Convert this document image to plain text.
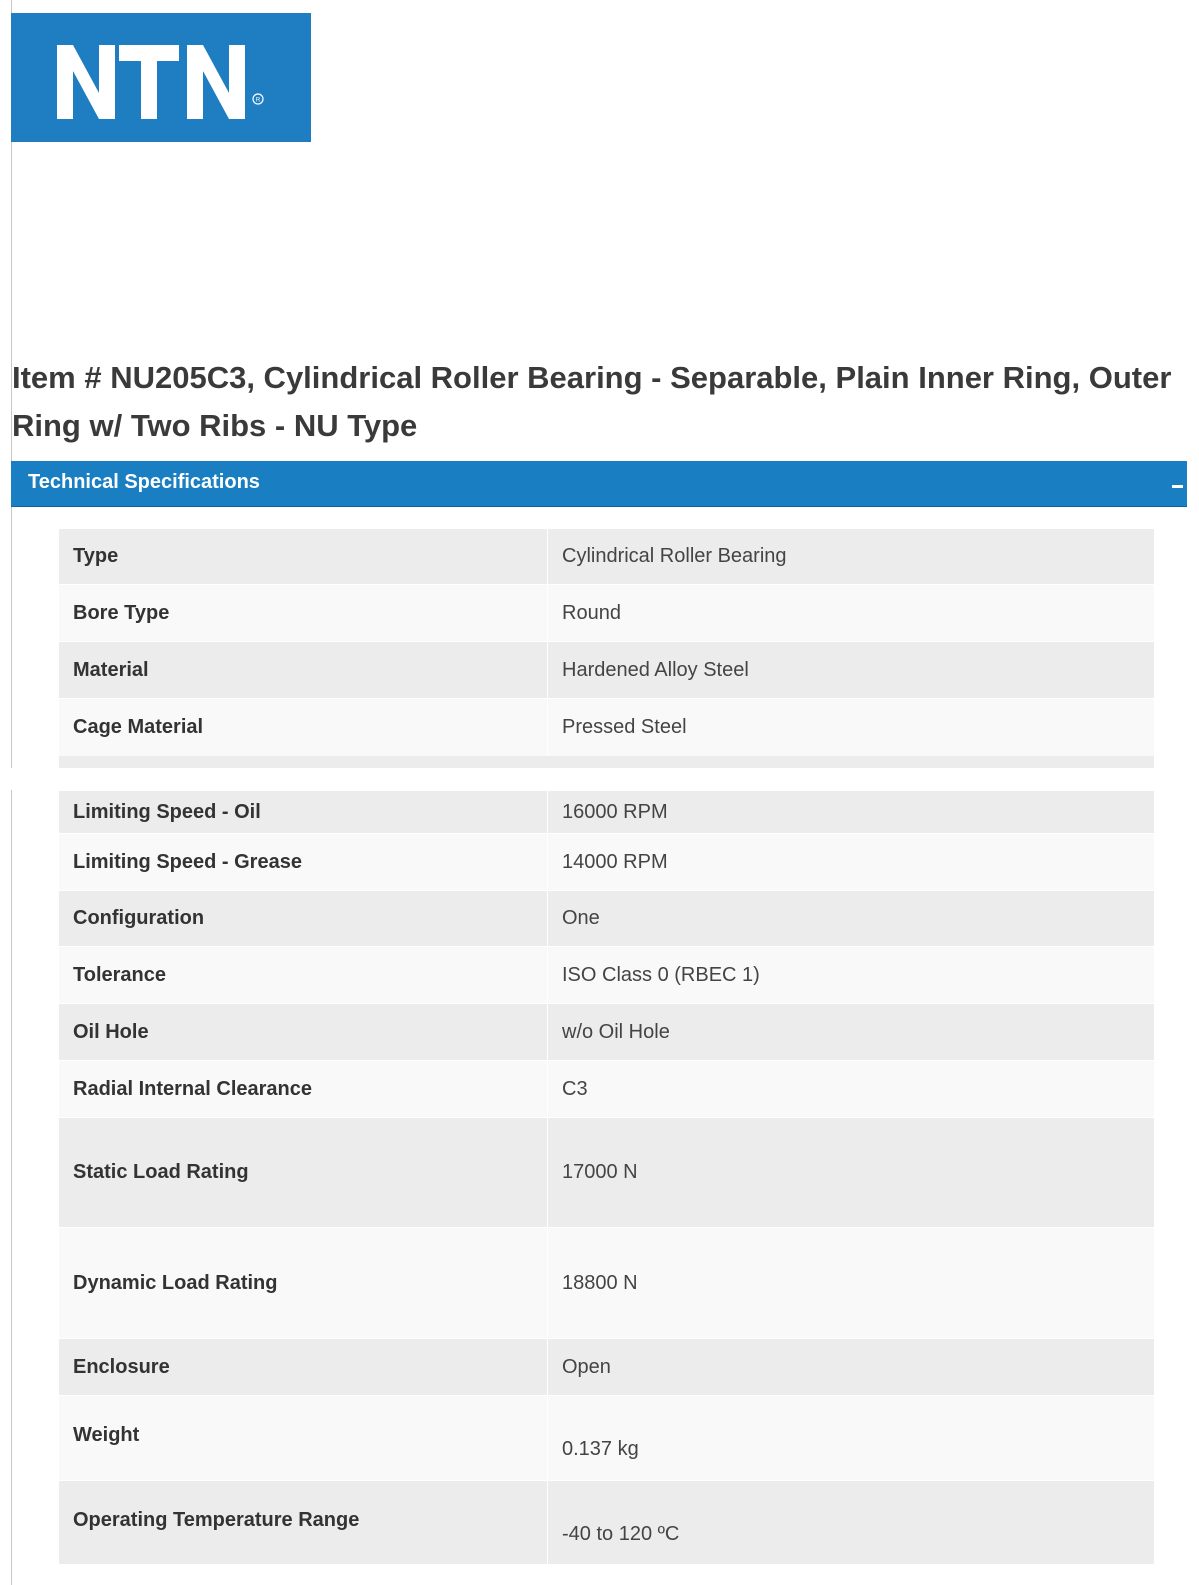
R
Item # NU205C3, Cylindrical Roller Bearing - Separable, Plain Inner Ring, Outer Ring w/ Two Ribs - NU Type
Technical Specifications
Type	Cylindrical Roller Bearing
Bore Type	Round
Material	Hardened Alloy Steel
Cage Material	Pressed Steel
Limiting Speed - Oil	16000 RPM
Limiting Speed - Grease	14000 RPM
Configuration	One
Tolerance	ISO Class 0 (RBEC 1)
Oil Hole	w/o Oil Hole
Radial Internal Clearance	C3
Static Load Rating	17000 N
Dynamic Load Rating	18800 N
Enclosure	Open
Weight	0.137 kg
Operating Temperature Range	-40 to 120 ºC
